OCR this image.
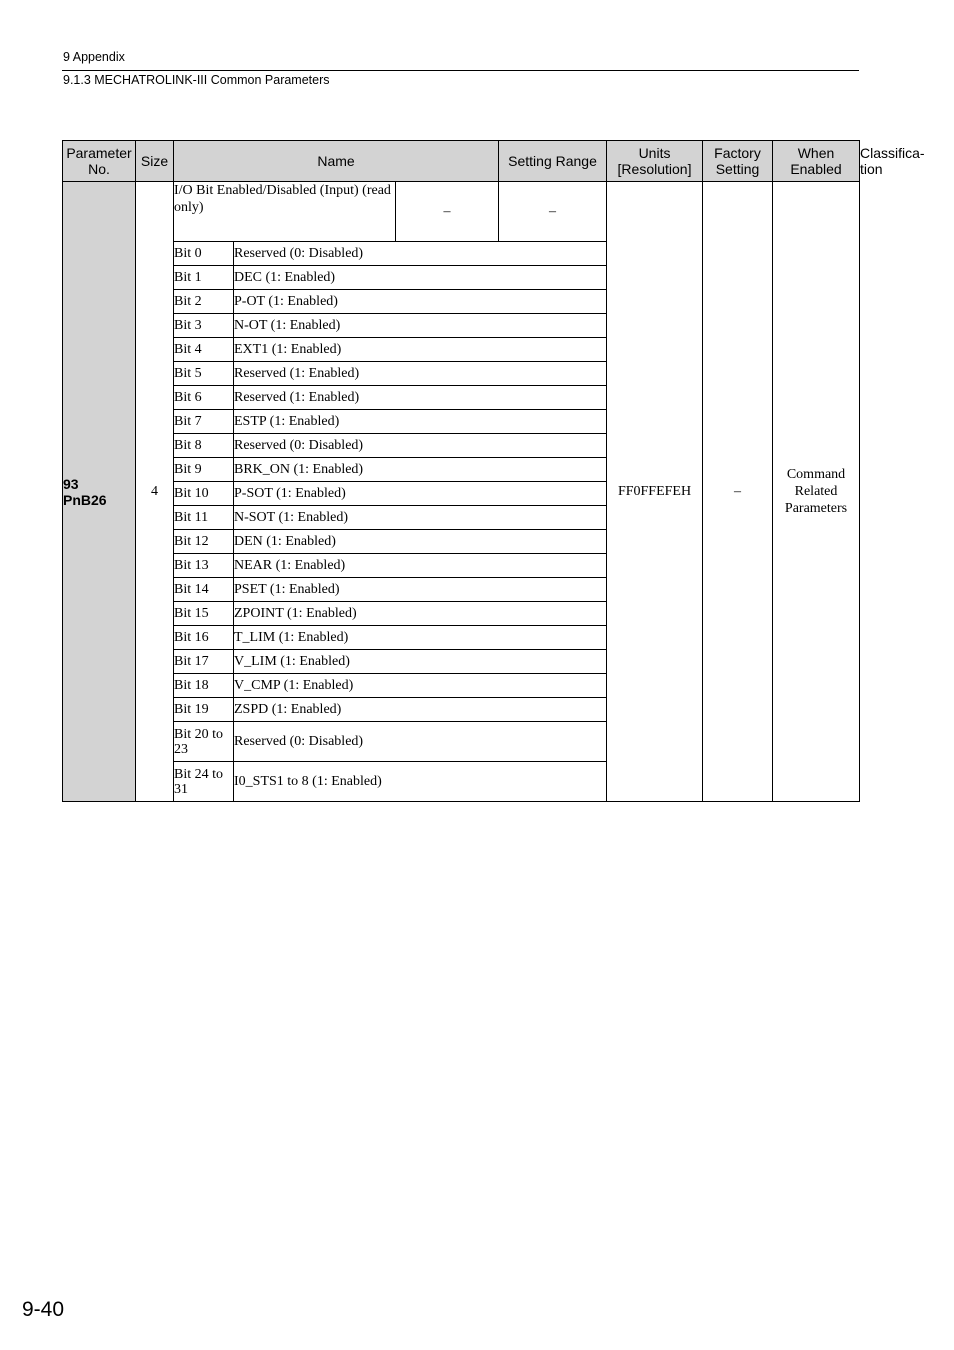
9 Appendix
9.1.3 MECHATROLINK-III Common Parameters
Parameter No.	Size	Name			Setting Range	Units [Resolution]	Factory Setting	When Enabled	Classifica- tion

93
PnB26	4	I/O Bit Enabled/Disabled (Input) (read only)		–	–	FF0FFEFEH	–	Command Related Parameters	

		Bit 0	Reserved (0: Disabled)						
		Bit 1	DEC (1: Enabled)						
		Bit 2	P-OT (1: Enabled)						
		Bit 3	N-OT (1: Enabled)						
		Bit 4	EXT1 (1: Enabled)						
		Bit 5	Reserved (1: Enabled)						
		Bit 6	Reserved (1: Enabled)						
		Bit 7	ESTP (1: Enabled)						
		Bit 8	Reserved (0: Disabled)						
		Bit 9	BRK_ON (1: Enabled)						
		Bit 10	P-SOT (1: Enabled)						
		Bit 11	N-SOT (1: Enabled)						
		Bit 12	DEN (1: Enabled)						
		Bit 13	NEAR (1: Enabled)						
		Bit 14	PSET (1: Enabled)						
		Bit 15	ZPOINT (1: Enabled)						
		Bit 16	T_LIM (1: Enabled)						
		Bit 17	V_LIM (1: Enabled)						
		Bit 18	V_CMP (1: Enabled)						
		Bit 19	ZSPD (1: Enabled)						
		Bit 20 to 23	Reserved (0: Disabled)						
		Bit 24 to 31	I0_STS1 to 8 (1: Enabled)						
9-40
